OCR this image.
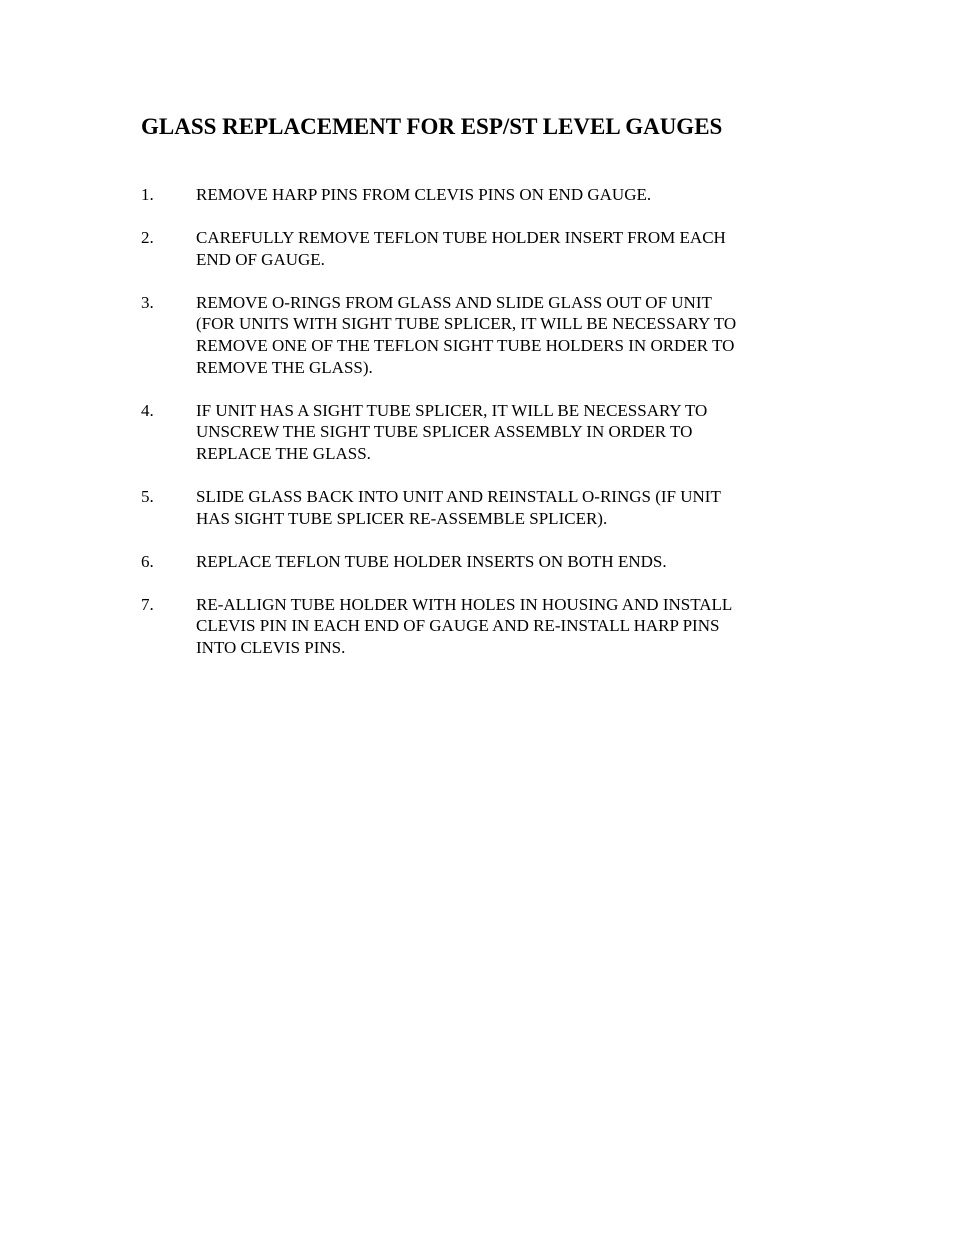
GLASS REPLACEMENT FOR ESP/ST LEVEL GAUGES
1.	REMOVE HARP PINS FROM CLEVIS PINS ON END GAUGE.
2.	CAREFULLY REMOVE TEFLON TUBE HOLDER INSERT FROM EACH
END OF GAUGE.
3.	REMOVE O-RINGS FROM GLASS AND SLIDE GLASS OUT OF UNIT
(FOR UNITS WITH SIGHT TUBE SPLICER, IT WILL BE NECESSARY TO
REMOVE ONE OF THE TEFLON SIGHT TUBE HOLDERS IN ORDER TO
REMOVE THE GLASS).
4.	IF UNIT HAS A SIGHT TUBE SPLICER, IT WILL BE NECESSARY TO
UNSCREW THE SIGHT TUBE SPLICER ASSEMBLY IN ORDER TO
REPLACE THE GLASS.
5.	SLIDE GLASS BACK INTO UNIT AND REINSTALL O-RINGS (IF UNIT
HAS SIGHT TUBE SPLICER RE-ASSEMBLE SPLICER).
6.	REPLACE TEFLON TUBE HOLDER INSERTS ON BOTH ENDS.
7.	RE-ALLIGN TUBE HOLDER WITH HOLES IN HOUSING AND INSTALL
CLEVIS PIN IN EACH END OF GAUGE AND RE-INSTALL HARP PINS
INTO CLEVIS PINS.
